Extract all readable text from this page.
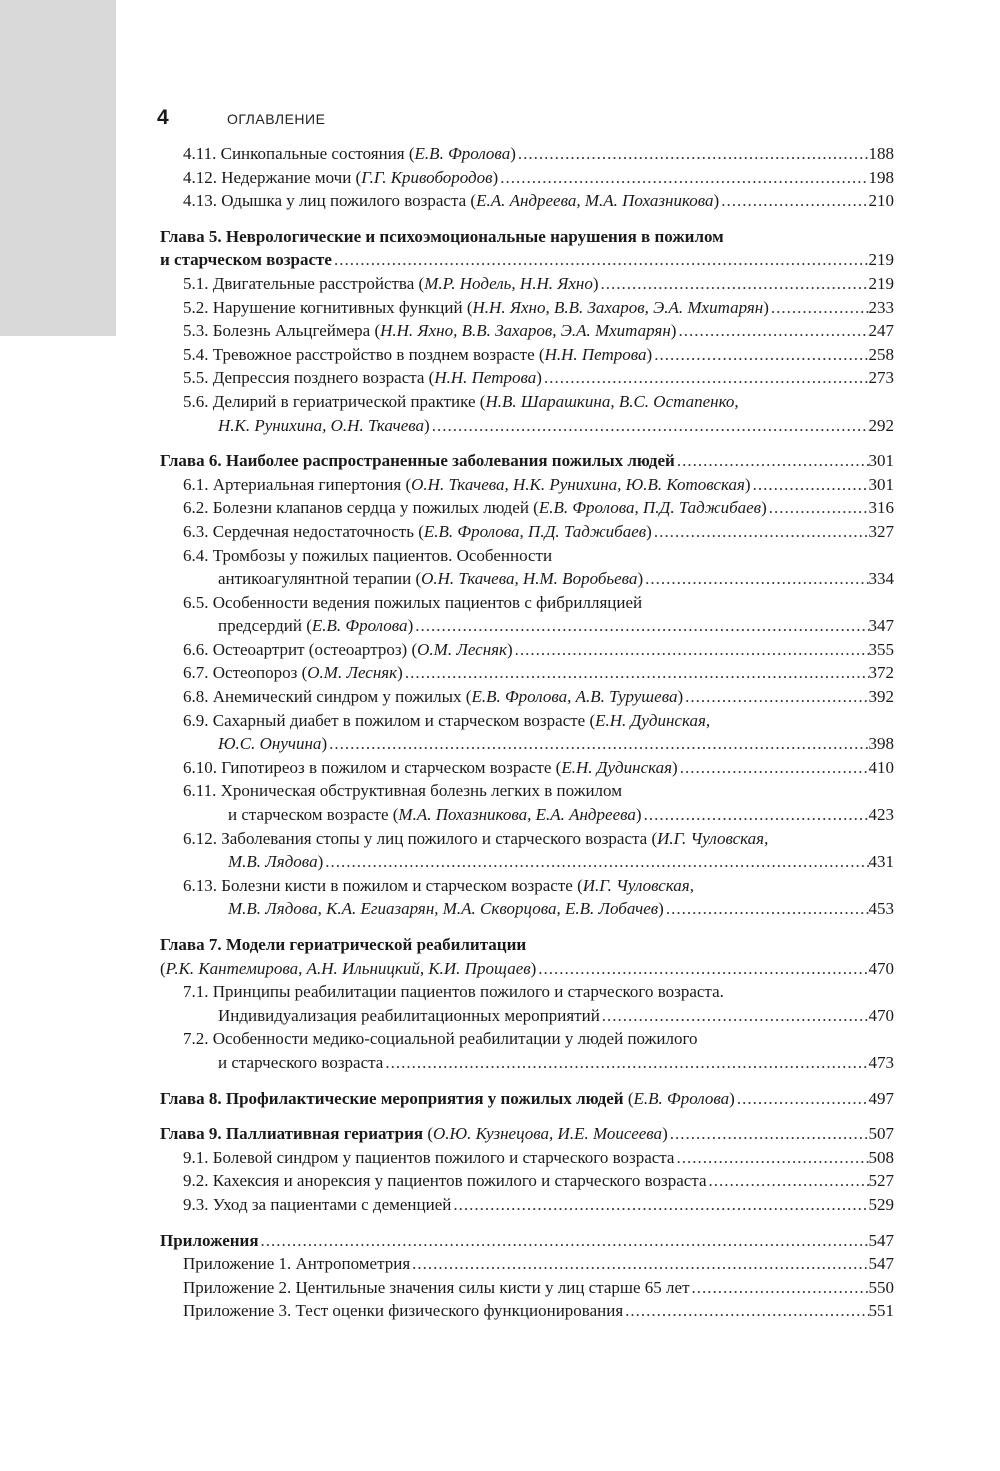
4	ОГЛАВЛЕНИЕ
4.11. Синкопальные состояния (Е.В. Фролова) .....	188
4.12. Недержание мочи (Г.Г. Кривобородов) .....	198
4.13. Одышка у лиц пожилого возраста (Е.А. Андреева, М.А. Похазникова) .....	210
Глава 5. Неврологические и психоэмоциональные нарушения в пожилом
и старческом возрасте .....	219
5.1. Двигательные расстройства (М.Р. Нодель, Н.Н. Яхно) .....	219
5.2. Нарушение когнитивных функций (Н.Н. Яхно, В.В. Захаров, Э.А. Мхитарян) .....	233
5.3. Болезнь Альцгеймера (Н.Н. Яхно, В.В. Захаров, Э.А. Мхитарян) .....	247
5.4. Тревожное расстройство в позднем возрасте (Н.Н. Петрова) .....	258
5.5. Депрессия позднего возраста (Н.Н. Петрова) .....	273
5.6. Делирий в гериатрической практике (Н.В. Шарашкина, В.С. Остапенко,
Н.К. Рунихина, О.Н. Ткачева) .....	292
Глава 6. Наиболее распространенные заболевания пожилых людей .....	301
6.1. Артериальная гипертония (О.Н. Ткачева, Н.К. Рунихина, Ю.В. Котовская) .....	301
6.2. Болезни клапанов сердца у пожилых людей (Е.В. Фролова, П.Д. Таджибаев) .....	316
6.3. Сердечная недостаточность (Е.В. Фролова, П.Д. Таджибаев) .....	327
6.4. Тромбозы у пожилых пациентов. Особенности
антикоагулянтной терапии (О.Н. Ткачева, Н.М. Воробьева) .....	334
6.5. Особенности ведения пожилых пациентов с фибрилляцией
предсердий (Е.В. Фролова) .....	347
6.6. Остеоартрит (остеоартроз) (О.М. Лесняк) .....	355
6.7. Остеопороз (О.М. Лесняк) .....	372
6.8. Анемический синдром у пожилых (Е.В. Фролова, А.В. Турушева) .....	392
6.9. Сахарный диабет в пожилом и старческом возрасте (Е.Н. Дудинская,
Ю.С. Онучина) .....	398
6.10. Гипотиреоз в пожилом и старческом возрасте (Е.Н. Дудинская) .....	410
6.11. Хроническая обструктивная болезнь легких в пожилом
и старческом возрасте (М.А. Похазникова, Е.А. Андреева) .....	423
6.12. Заболевания стопы у лиц пожилого и старческого возраста (И.Г. Чуловская,
М.В. Лядова) .....	431
6.13. Болезни кисти в пожилом и старческом возрасте (И.Г. Чуловская,
М.В. Лядова, К.А. Егиазарян, М.А. Скворцова, Е.В. Лобачев) .....	453
Глава 7. Модели гериатрической реабилитации
(Р.К. Кантемирова, А.Н. Ильницкий, К.И. Прощаев) .....	470
7.1. Принципы реабилитации пациентов пожилого и старческого возраста.
Индивидуализация реабилитационных мероприятий .....	470
7.2. Особенности медико-социальной реабилитации у людей пожилого
и старческого возраста .....	473
Глава 8. Профилактические мероприятия у пожилых людей (Е.В. Фролова) .....	497
Глава 9. Паллиативная гериатрия (О.Ю. Кузнецова, И.Е. Моисеева) .....	507
9.1. Болевой синдром у пациентов пожилого и старческого возраста .....	508
9.2. Кахексия и анорексия у пациентов пожилого и старческого возраста .....	527
9.3. Уход за пациентами с деменцией .....	529
Приложения .....	547
Приложение 1. Антропометрия .....	547
Приложение 2. Центильные значения силы кисти у лиц старше 65 лет .....	550
Приложение 3. Тест оценки физического функционирования .....	551
